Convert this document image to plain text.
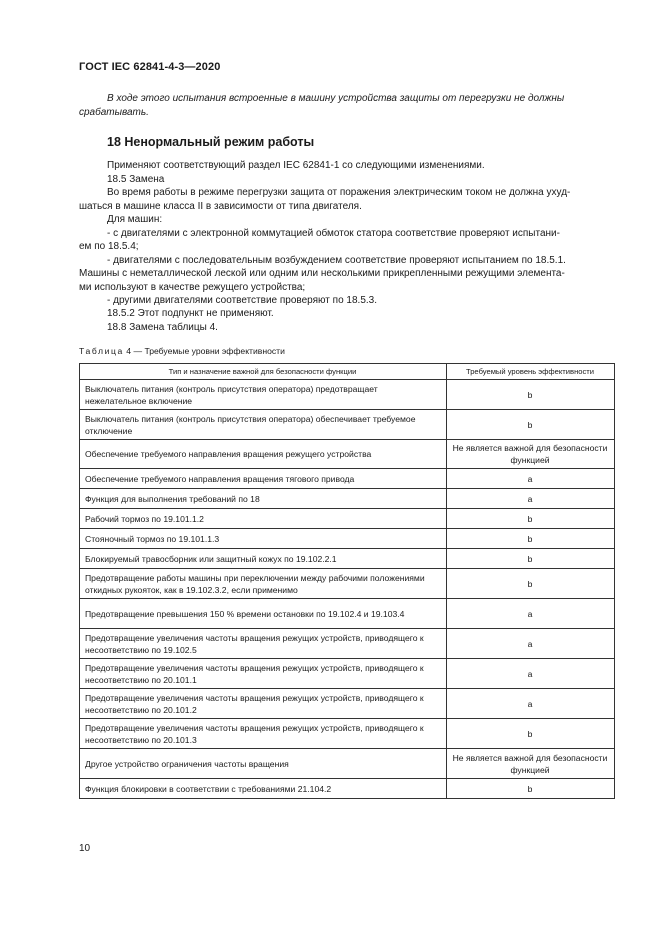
ГОСТ IEC 62841-4-3—2020
В ходе этого испытания встроенные в машину устройства защиты от перегрузки не должны
срабатывать.
18 Ненормальный режим работы
Применяют соответствующий раздел IEC 62841-1 со следующими изменениями.
18.5 Замена
Во время работы в режиме перегрузки защита от поражения электрическим током не должна ухуд-
шаться в машине класса II в зависимости от типа двигателя.
Для машин:
- с двигателями с электронной коммутацией обмоток статора соответствие проверяют испытани-
ем по 18.5.4;
- двигателями с последовательным возбуждением соответствие проверяют испытанием по 18.5.1.
Машины с неметаллической леской или одним или несколькими прикрепленными режущими элемента-
ми используют в качестве режущего устройства;
- другими двигателями соответствие проверяют по 18.5.3.
18.5.2 Этот подпункт не применяют.
18.8 Замена таблицы 4.
Таблица 4 — Требуемые уровни эффективности
Тип и назначение важной для безопасности функции	Требуемый уровень эффективности
Выключатель питания (контроль присутствия оператора) предотвращает нежелательное включение	b
Выключатель питания (контроль присутствия оператора) обеспечивает требуемое отключение	b
Обеспечение требуемого направления вращения режущего устройства	Не является важной для безопасности функцией
Обеспечение требуемого направления вращения тягового привода	a
Функция для выполнения требований по 18	a
Рабочий тормоз по 19.101.1.2	b
Стояночный тормоз по 19.101.1.3	b
Блокируемый травосборник или защитный кожух по 19.102.2.1	b
Предотвращение работы машины при переключении между рабочими положениями откидных рукояток, как в 19.102.3.2, если применимо	b
Предотвращение превышения 150 % времени остановки по 19.102.4 и 19.103.4	a
Предотвращение увеличения частоты вращения режущих устройств, приводящего к несоответствию по 19.102.5	a
Предотвращение увеличения частоты вращения режущих устройств, приводящего к несоответствию по 20.101.1	a
Предотвращение увеличения частоты вращения режущих устройств, приводящего к несоответствию по 20.101.2	a
Предотвращение увеличения частоты вращения режущих устройств, приводящего к несоответствию по 20.101.3	b
Другое устройство ограничения частоты вращения	Не является важной для безопасности функцией
Функция блокировки в соответствии с требованиями 21.104.2	b
10
